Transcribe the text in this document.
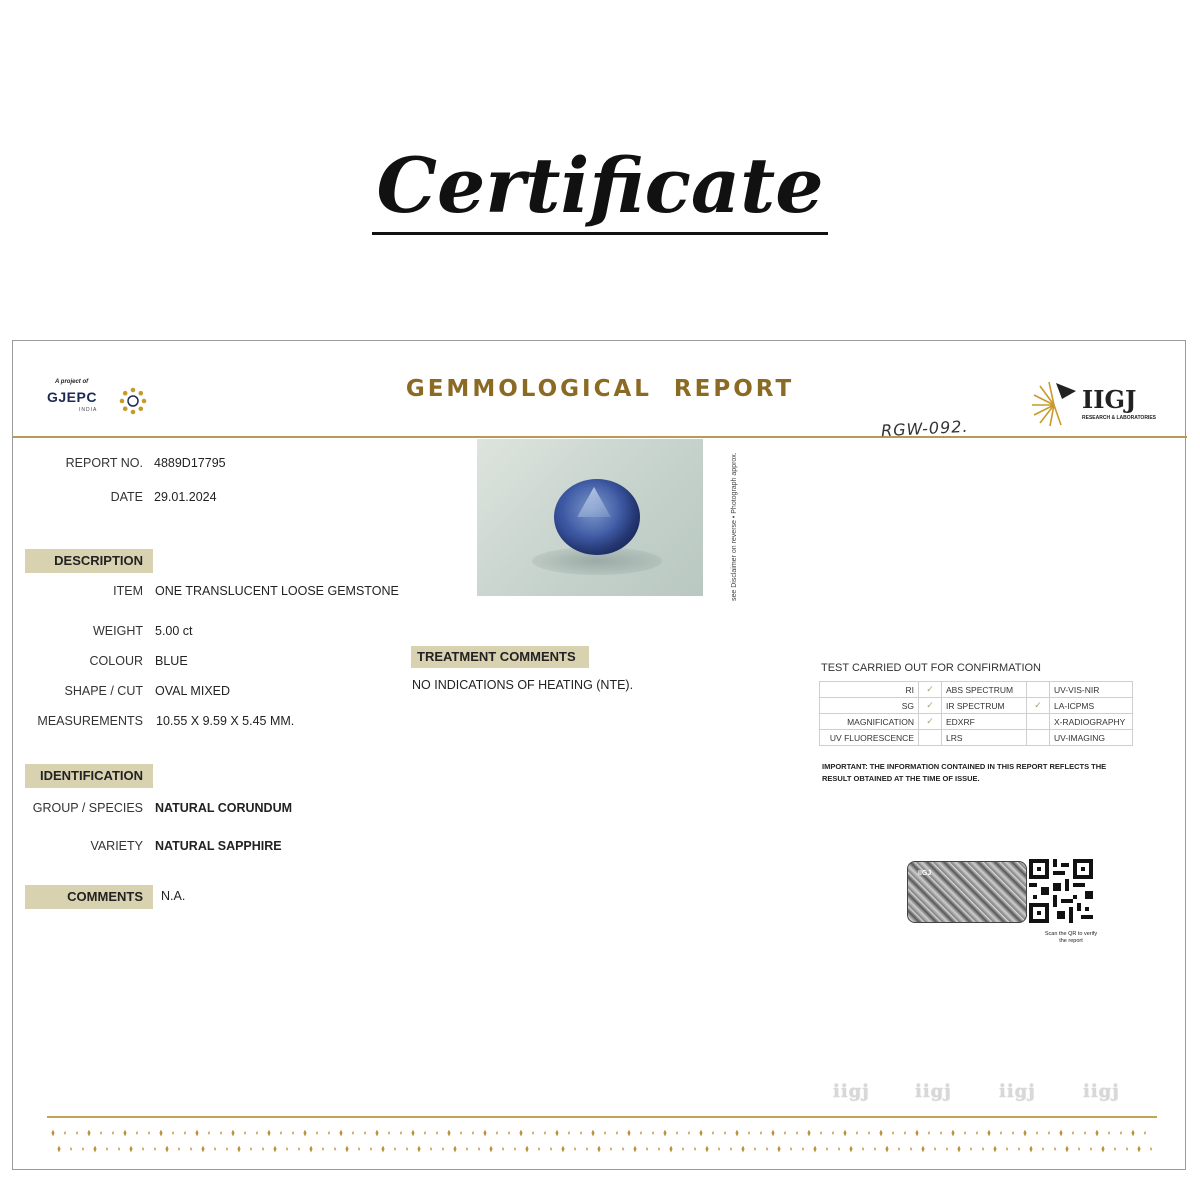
Certificate
A project of
GJEPC
INDIA
GEMMOLOGICAL  REPORT	IIGJ
RESEARCH & LABORATORIES
RGW-092.
REPORT NO. 4889D17795
DATE 29.01.2024
DESCRIPTION
ITEM ONE TRANSLUCENT LOOSE GEMSTONE
WEIGHT 5.00 ct
COLOUR BLUE
SHAPE / CUT OVAL MIXED
MEASUREMENTS 10.55 X 9.59 X 5.45 MM.
IDENTIFICATION
GROUP / SPECIES NATURAL CORUNDUM
VARIETY NATURAL SAPPHIRE
COMMENTS	N.A.
see Disclaimer on reverse • Photograph approx.
TREATMENT COMMENTS
NO INDICATIONS OF HEATING (NTE).
TEST CARRIED OUT FOR CONFIRMATION
RI	✓	ABS SPECTRUM		UV-VIS-NIR
SG	✓	IR SPECTRUM	✓	LA-ICPMS
MAGNIFICATION	✓	EDXRF		X-RADIOGRAPHY
UV FLUORESCENCE		LRS		UV-IMAGING
IMPORTANT: THE INFORMATION CONTAINED IN THIS REPORT REFLECTS THE RESULT OBTAINED AT THE TIME OF ISSUE.
IIGJ
Scan the QR to verify the report
iigj	iigj	iigj	iigj
